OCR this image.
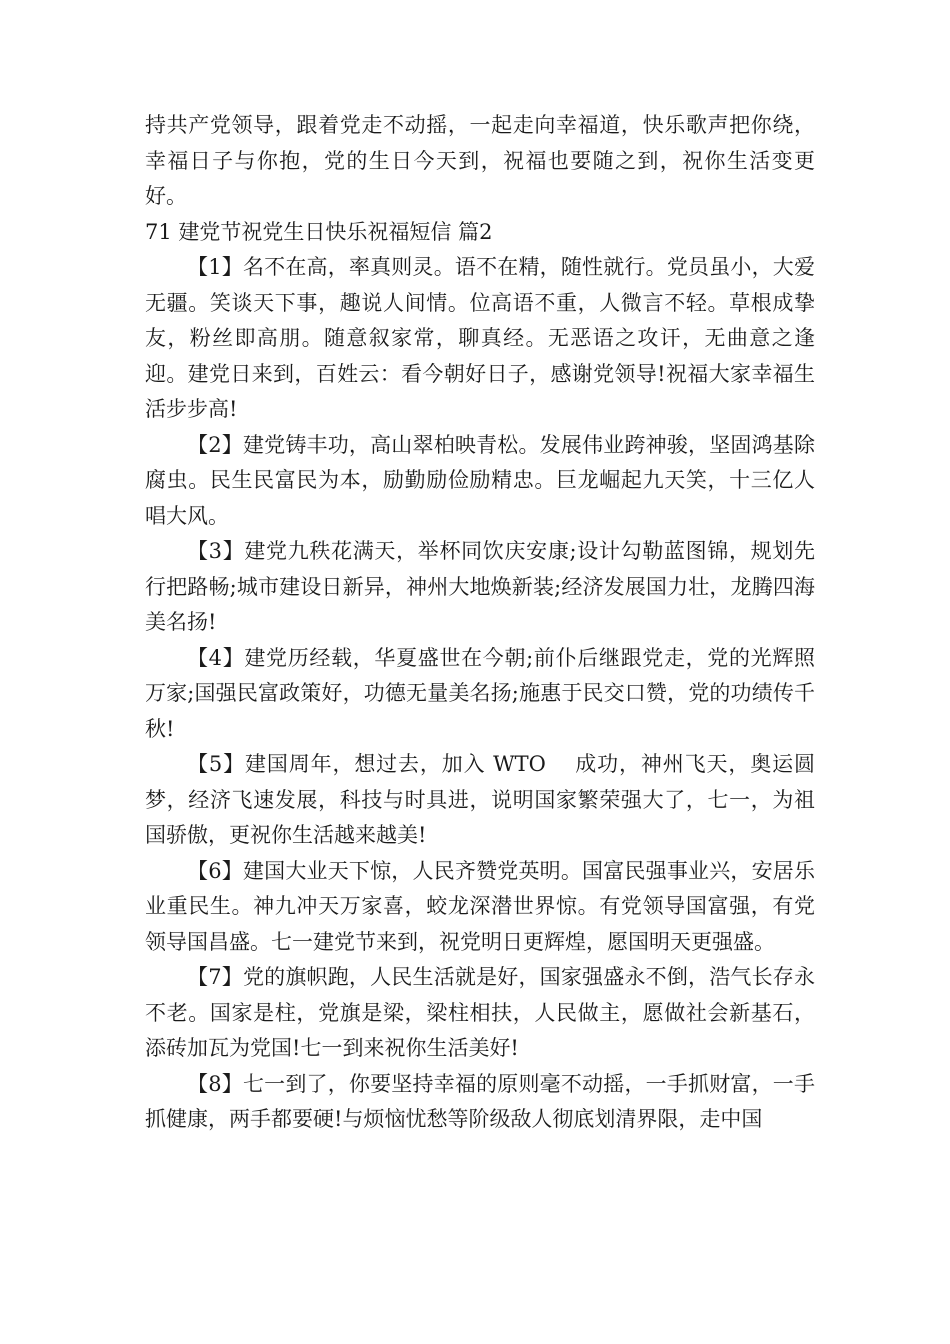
持共产党领导，跟着党走不动摇，一起走向幸福道，快乐歌声把你绕，幸福日子与你抱，党的生日今天到，祝福也要随之到，祝你生活变更好。

71 建党节祝党生日快乐祝福短信 篇2

【1】名不在高，率真则灵。语不在精，随性就行。党员虽小，大爱无疆。笑谈天下事，趣说人间情。位高语不重，人微言不轻。草根成挚友，粉丝即高朋。随意叙家常，聊真经。无恶语之攻讦，无曲意之逢迎。建党日来到，百姓云：看今朝好日子，感谢党领导!祝福大家幸福生活步步高!

【2】建党铸丰功，高山翠柏映青松。发展伟业跨神骏，坚固鸿基除腐虫。民生民富民为本，励勤励俭励精忠。巨龙崛起九天笑，十三亿人唱大风。

【3】建党九秩花满天，举杯同饮庆安康;设计勾勒蓝图锦，规划先行把路畅;城市建设日新异，神州大地焕新装;经济发展国力壮，龙腾四海美名扬!

【4】建党历经载，华夏盛世在今朝;前仆后继跟党走，党的光辉照万家;国强民富政策好，功德无量美名扬;施惠于民交口赞，党的功绩传千秋!

【5】建国周年，想过去，加入 WTO 　成功，神州飞天，奥运圆梦，经济飞速发展，科技与时具进，说明国家繁荣强大了，七一，为祖国骄傲，更祝你生活越来越美!

【6】建国大业天下惊，人民齐赞党英明。国富民强事业兴，安居乐业重民生。神九冲天万家喜，蛟龙深潜世界惊。有党领导国富强，有党领导国昌盛。七一建党节来到，祝党明日更辉煌，愿国明天更强盛。

【7】党的旗帜跑，人民生活就是好，国家强盛永不倒，浩气长存永不老。国家是柱，党旗是梁，梁柱相扶，人民做主，愿做社会新基石，添砖加瓦为党国!七一到来祝你生活美好!

【8】七一到了，你要坚持幸福的原则毫不动摇，一手抓财富，一手抓健康，两手都要硬!与烦恼忧愁等阶级敌人彻底划清界限，走中国
